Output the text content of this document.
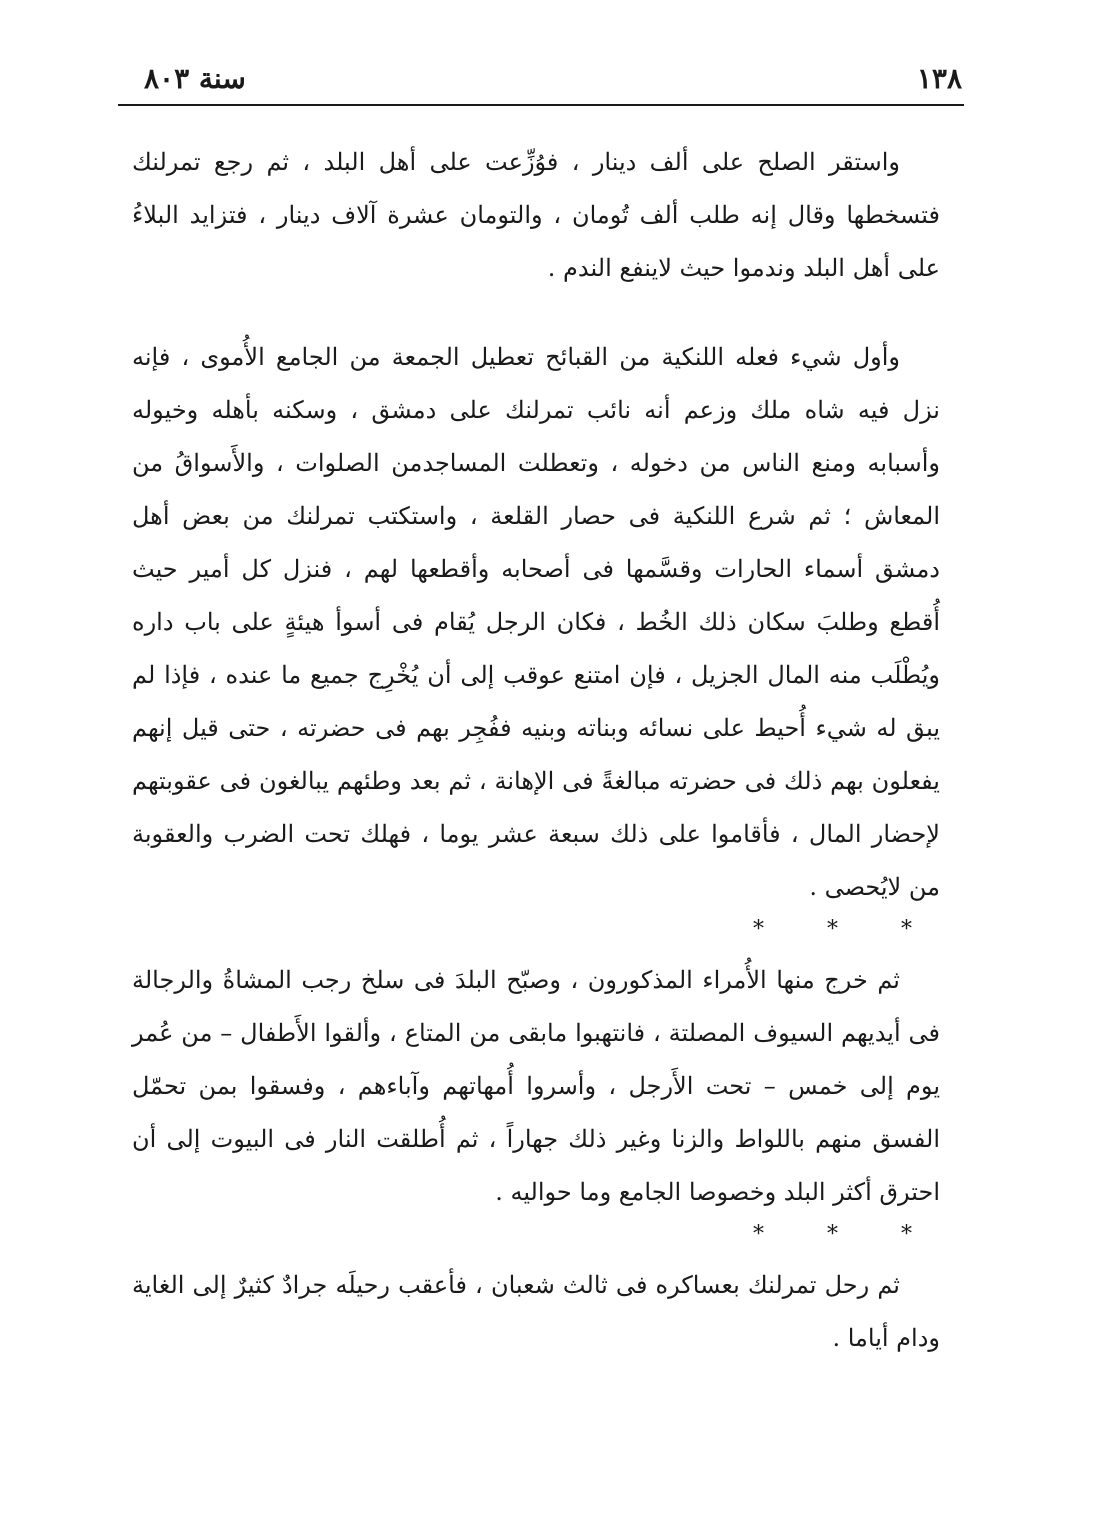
١٣٨
سنة ٨٠٣

واستقر الصلح على ألف دينار ، فوُزِّعت على أهل البلد ، ثم رجع تمرلنك فتسخطها وقال إنه طلب ألف تُومان ، والتومان عشرة آلاف دينار ، فتزايد البلاءُ على أهل البلد وندموا حيث لاينفع الندم .

وأول شيء فعله اللنكية من القبائح تعطيل الجمعة من الجامع الأُموى ، فإنه نزل فيه شاه ملك وزعم أنه نائب تمرلنك على دمشق ، وسكنه بأهله وخيوله وأسبابه ومنع الناس من دخوله ، وتعطلت المساجدمن الصلوات ، والأَسواقُ من المعاش ؛ ثم شرع اللنكية فى حصار القلعة ، واستكتب تمرلنك من بعض أهل دمشق أسماء الحارات وقسَّمها فى أصحابه وأقطعها لهم ، فنزل كل أمير حيث أُقطع وطلبَ سكان ذلك الخُط ، فكان الرجل يُقام فى أسوأ هيئةٍ على باب داره ويُطْلَب منه المال الجزيل ، فإن امتنع عوقب إلى أن يُخْرِج جميع ما عنده ، فإذا لم يبق له شيء أُحيط على نسائه وبناته وبنيه ففُجِر بهم فى حضرته ، حتى قيل إنهم يفعلون بهم ذلك فى حضرته مبالغةً فى الإهانة ، ثم بعد وطئهم يبالغون فى عقوبتهم لإحضار المال ، فأقاموا على ذلك سبعة عشر يوما ، فهلك تحت الضرب والعقوبة من لايُحصى .

* * *

ثم خرج منها الأُمراء المذكورون ، وصبّح البلدَ فى سلخ رجب المشاةُ والرجالة فى أيديهم السيوف المصلتة ، فانتهبوا مابقى من المتاع ، وألقوا الأَطفال – من عُمر يوم إلى خمس – تحت الأَرجل ، وأسروا أُمهاتهم وآباءهم ، وفسقوا بمن تحمّل الفسق منهم باللواط والزنا وغير ذلك جهاراً ، ثم أُطلقت النار فى البيوت إلى أن احترق أكثر البلد وخصوصا الجامع وما حواليه .

* * *

ثم رحل تمرلنك بعساكره فى ثالث شعبان ، فأعقب رحيلَه جرادٌ كثيرٌ إلى الغاية ودام أياما .
